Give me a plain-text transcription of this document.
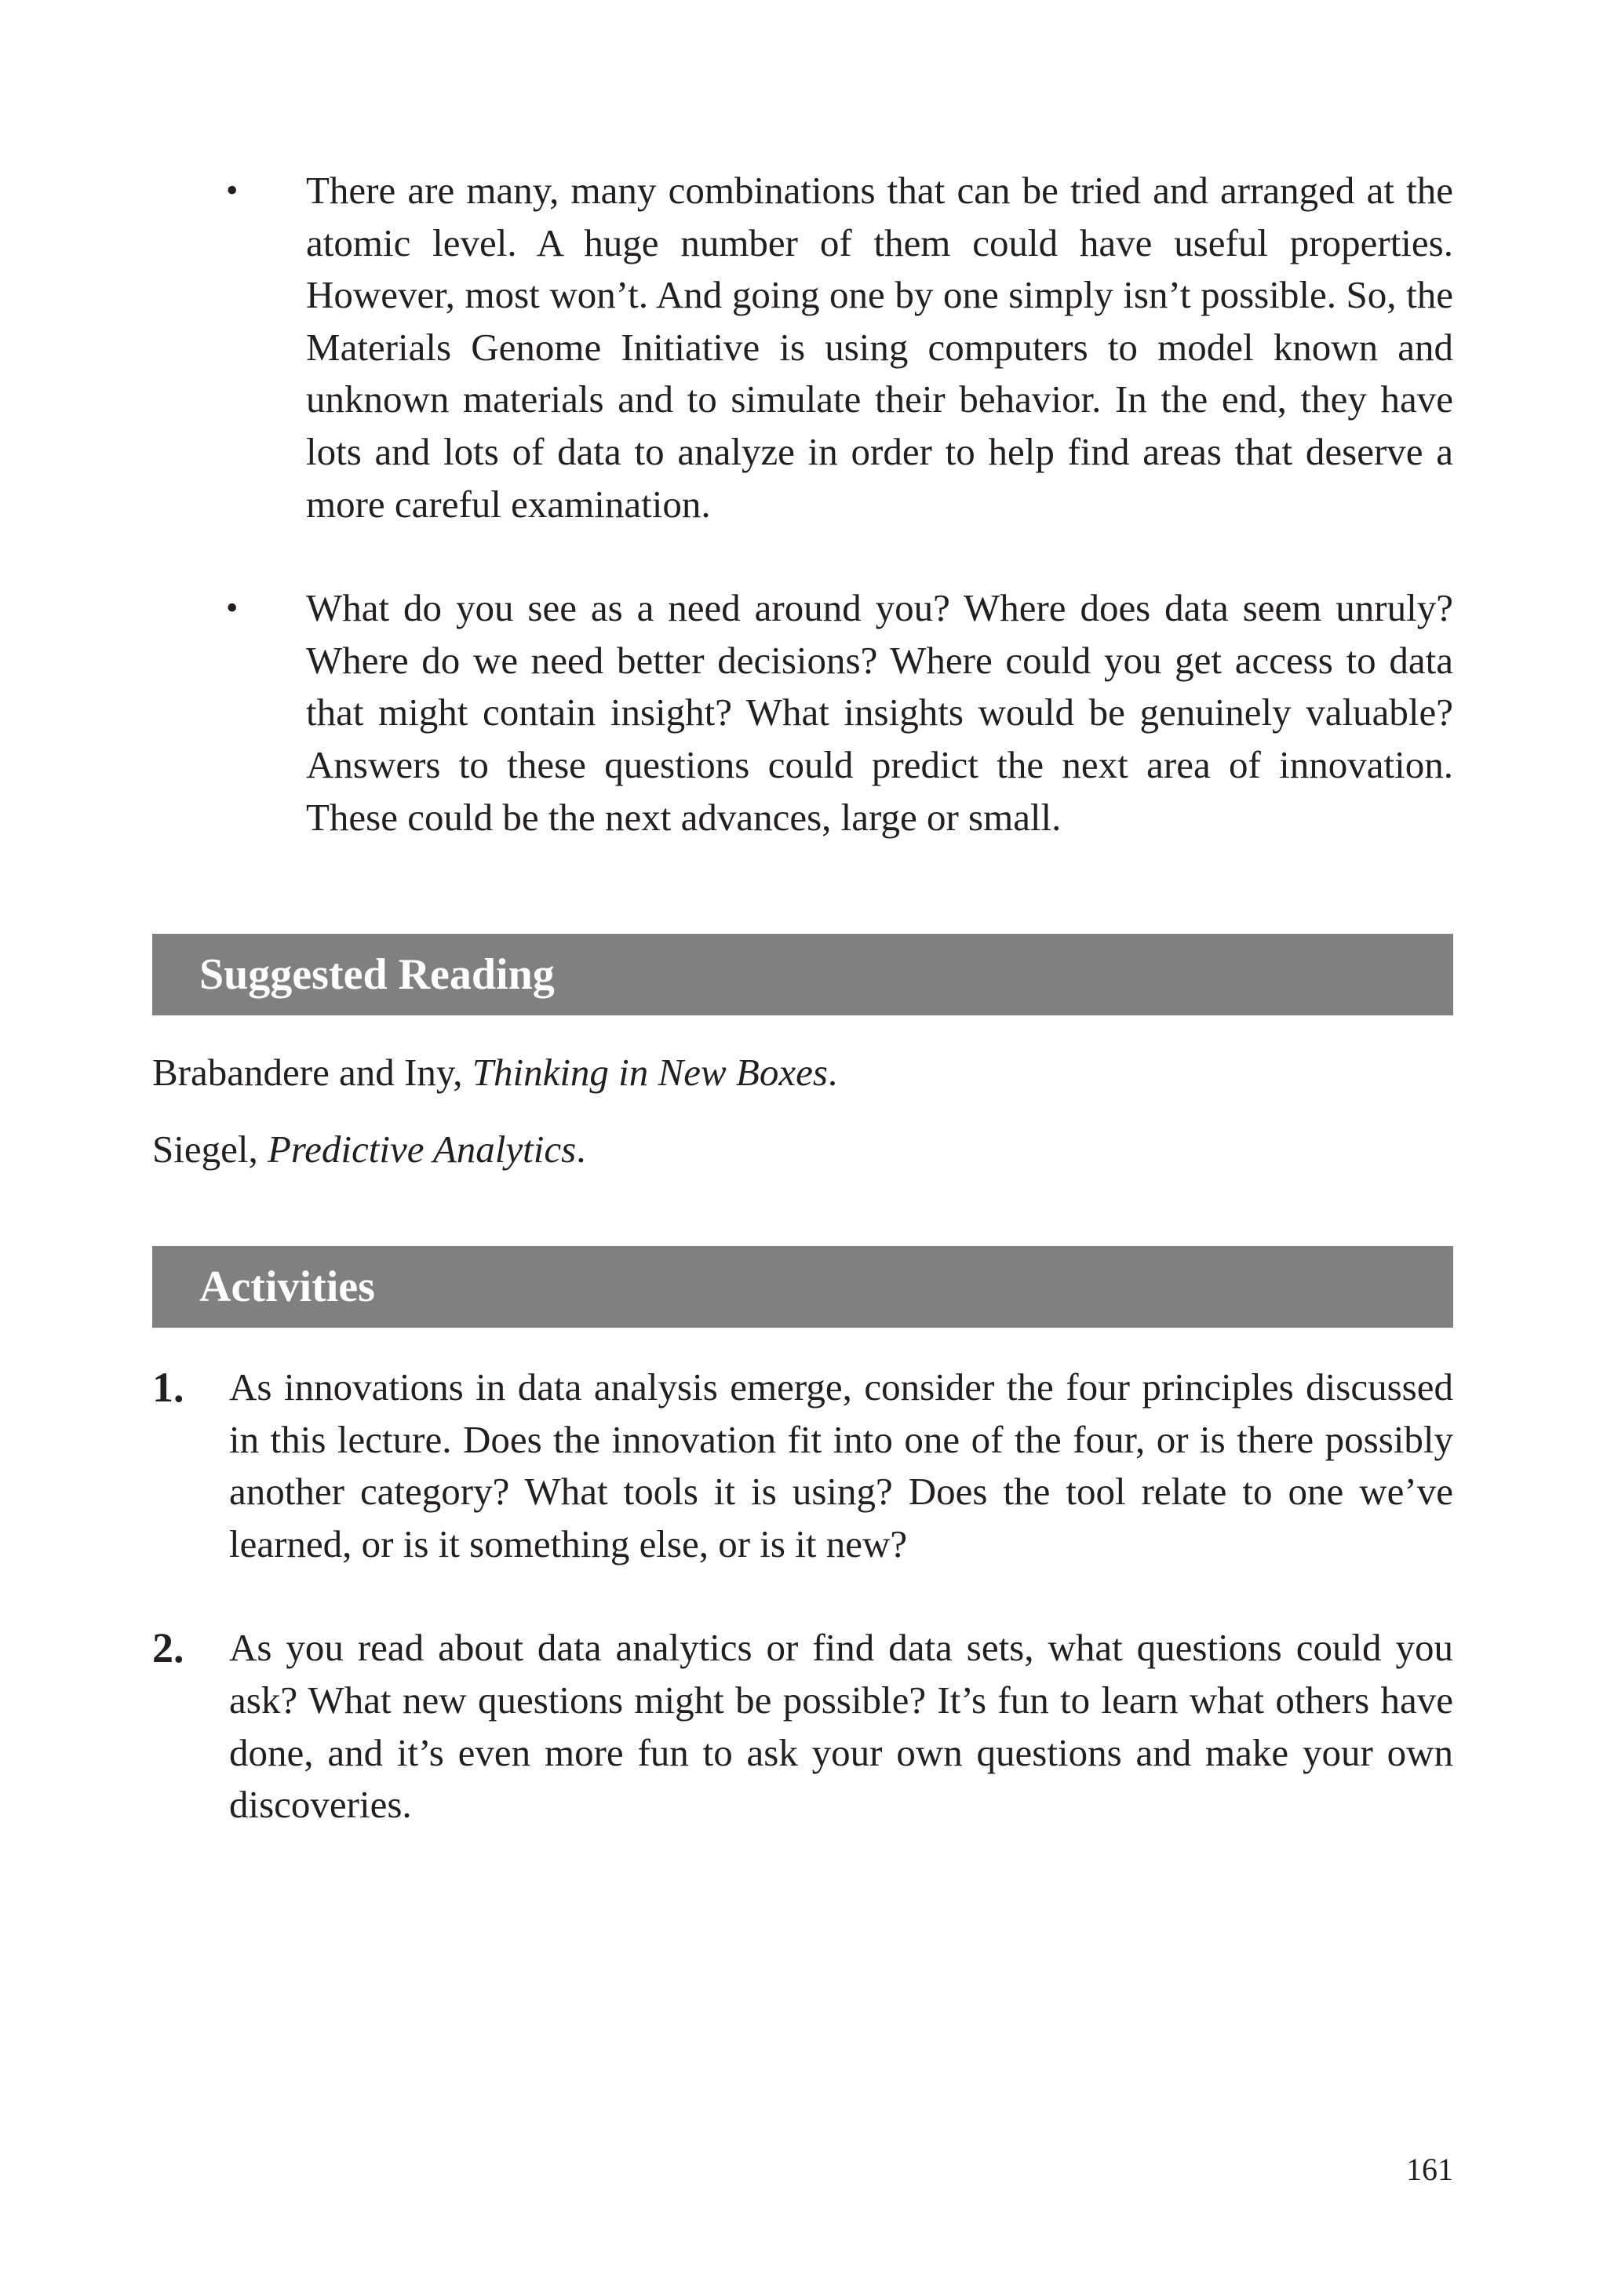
•	There are many, many combinations that can be tried and arranged at the atomic level. A huge number of them could have useful properties. However, most won’t. And going one by one simply isn’t possible. So, the Materials Genome Initiative is using computers to model known and unknown materials and to simulate their behavior. In the end, they have lots and lots of data to analyze in order to help find areas that deserve a more careful examination.
•	What do you see as a need around you? Where does data seem unruly? Where do we need better decisions? Where could you get access to data that might contain insight? What insights would be genuinely valuable? Answers to these questions could predict the next area of innovation. These could be the next advances, large or small.
Suggested Reading
Brabandere and Iny, Thinking in New Boxes.
Siegel, Predictive Analytics.
Activities
1. As innovations in data analysis emerge, consider the four principles discussed in this lecture. Does the innovation fit into one of the four, or is there possibly another category? What tools it is using? Does the tool relate to one we’ve learned, or is it something else, or is it new?
2. As you read about data analytics or find data sets, what questions could you ask? What new questions might be possible? It’s fun to learn what others have done, and it’s even more fun to ask your own questions and make your own discoveries.
161
